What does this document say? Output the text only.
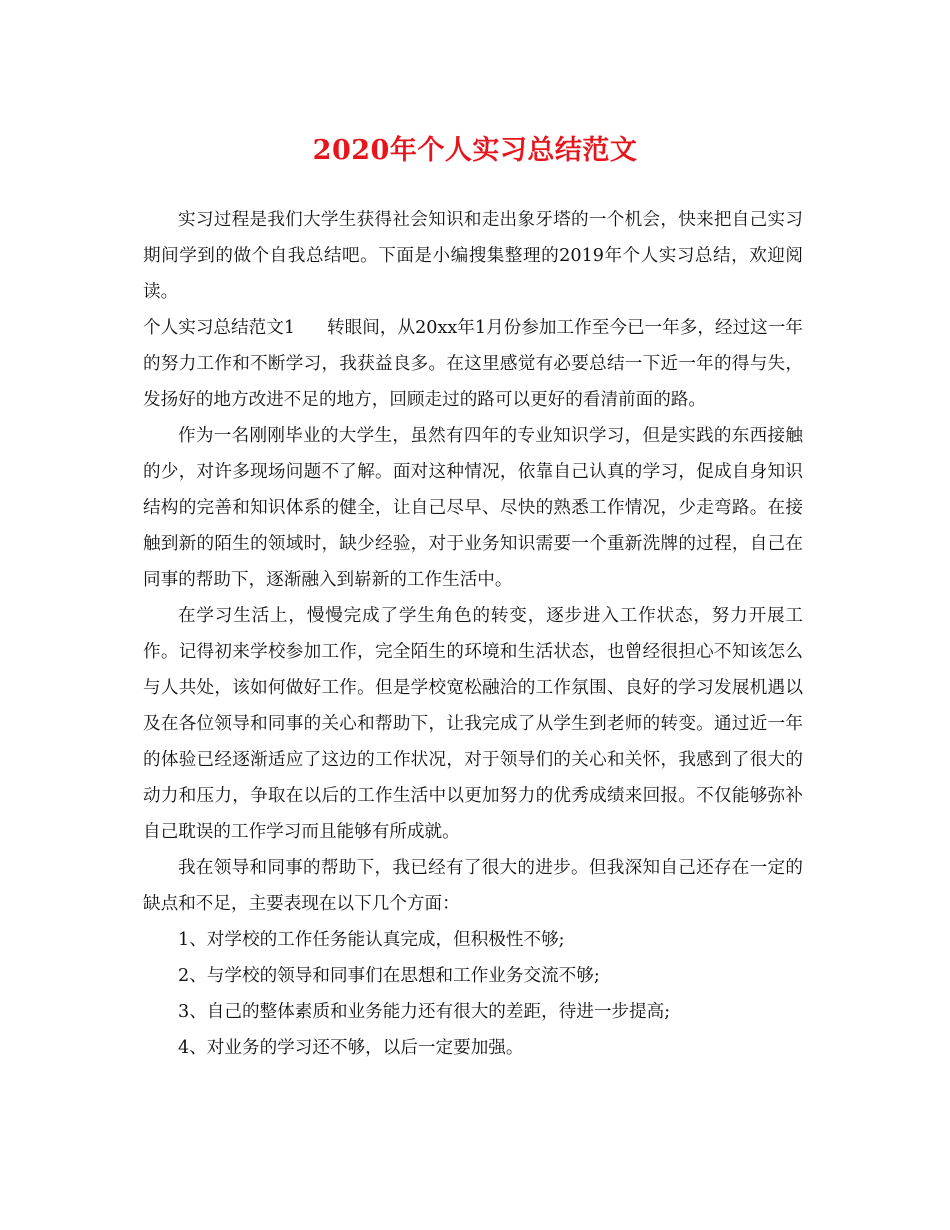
2020年个人实习总结范文

实习过程是我们大学生获得社会知识和走出象牙塔的一个机会，快来把自己实习期间学到的做个自我总结吧。下面是小编搜集整理的2019年个人实习总结，欢迎阅读。

个人实习总结范文1 转眼间，从20xx年1月份参加工作至今已一年多，经过这一年的努力工作和不断学习，我获益良多。在这里感觉有必要总结一下近一年的得与失，发扬好的地方改进不足的地方，回顾走过的路可以更好的看清前面的路。

作为一名刚刚毕业的大学生，虽然有四年的专业知识学习，但是实践的东西接触的少，对许多现场问题不了解。面对这种情况，依靠自己认真的学习，促成自身知识结构的完善和知识体系的健全，让自己尽早、尽快的熟悉工作情况，少走弯路。在接触到新的陌生的领域时，缺少经验，对于业务知识需要一个重新洗牌的过程，自己在同事的帮助下，逐渐融入到崭新的工作生活中。

在学习生活上，慢慢完成了学生角色的转变，逐步进入工作状态，努力开展工作。记得初来学校参加工作，完全陌生的环境和生活状态，也曾经很担心不知该怎么与人共处，该如何做好工作。但是学校宽松融洽的工作氛围、良好的学习发展机遇以及在各位领导和同事的关心和帮助下，让我完成了从学生到老师的转变。通过近一年的体验已经逐渐适应了这边的工作状况，对于领导们的关心和关怀，我感到了很大的动力和压力，争取在以后的工作生活中以更加努力的优秀成绩来回报。不仅能够弥补自己耽误的工作学习而且能够有所成就。

我在领导和同事的帮助下，我已经有了很大的进步。但我深知自己还存在一定的缺点和不足，主要表现在以下几个方面：

1、对学校的工作任务能认真完成，但积极性不够;

2、与学校的领导和同事们在思想和工作业务交流不够;

3、自己的整体素质和业务能力还有很大的差距，待进一步提高;

4、对业务的学习还不够，以后一定要加强。
